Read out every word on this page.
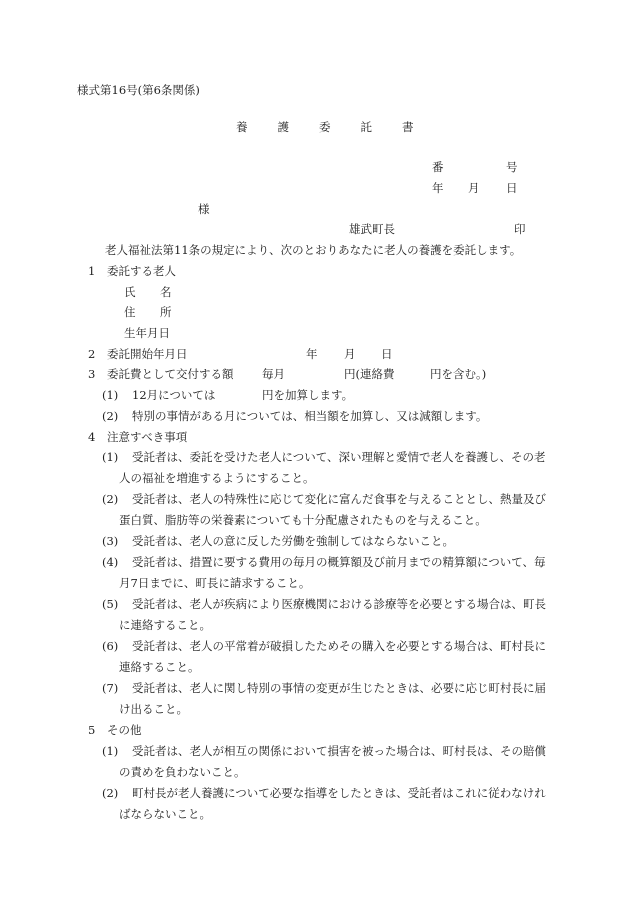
様式第16号(第6条関係)
養	護	委	託	書
番	号
年 月 日
様
雄武町長	印
老人福祉法第11条の規定により、次のとおりあなたに老人の養護を委託します。
1 委託する老人
氏 名
住 所
生年月日
2 委託開始年月日	年 月 日
3 委託費として交付する額 毎月	円(連絡費	円を含む。)
(1) 12月については	円を加算します。
(2) 特別の事情がある月については、相当額を加算し、又は減額します。
4 注意すべき事項
(1) 受託者は、委託を受けた老人について、深い理解と愛情で老人を養護し、その老
人の福祉を増進するようにすること。
(2) 受託者は、老人の特殊性に応じて変化に富んだ食事を与えることとし、熱量及び
蛋白質、脂肪等の栄養素についても十分配慮されたものを与えること。
(3) 受託者は、老人の意に反した労働を強制してはならないこと。
(4) 受託者は、措置に要する費用の毎月の概算額及び前月までの精算額について、毎
月7日までに、町長に請求すること。
(5) 受託者は、老人が疾病により医療機関における診療等を必要とする場合は、町長
に連絡すること。
(6) 受託者は、老人の平常着が破損したためその購入を必要とする場合は、町村長に
連絡すること。
(7) 受託者は、老人に関し特別の事情の変更が生じたときは、必要に応じ町村長に届
け出ること。
5 その他
(1) 受託者は、老人が相互の関係において損害を被った場合は、町村長は、その賠償
の責めを負わないこと。
(2) 町村長が老人養護について必要な指導をしたときは、受託者はこれに従わなけれ
ばならないこと。
